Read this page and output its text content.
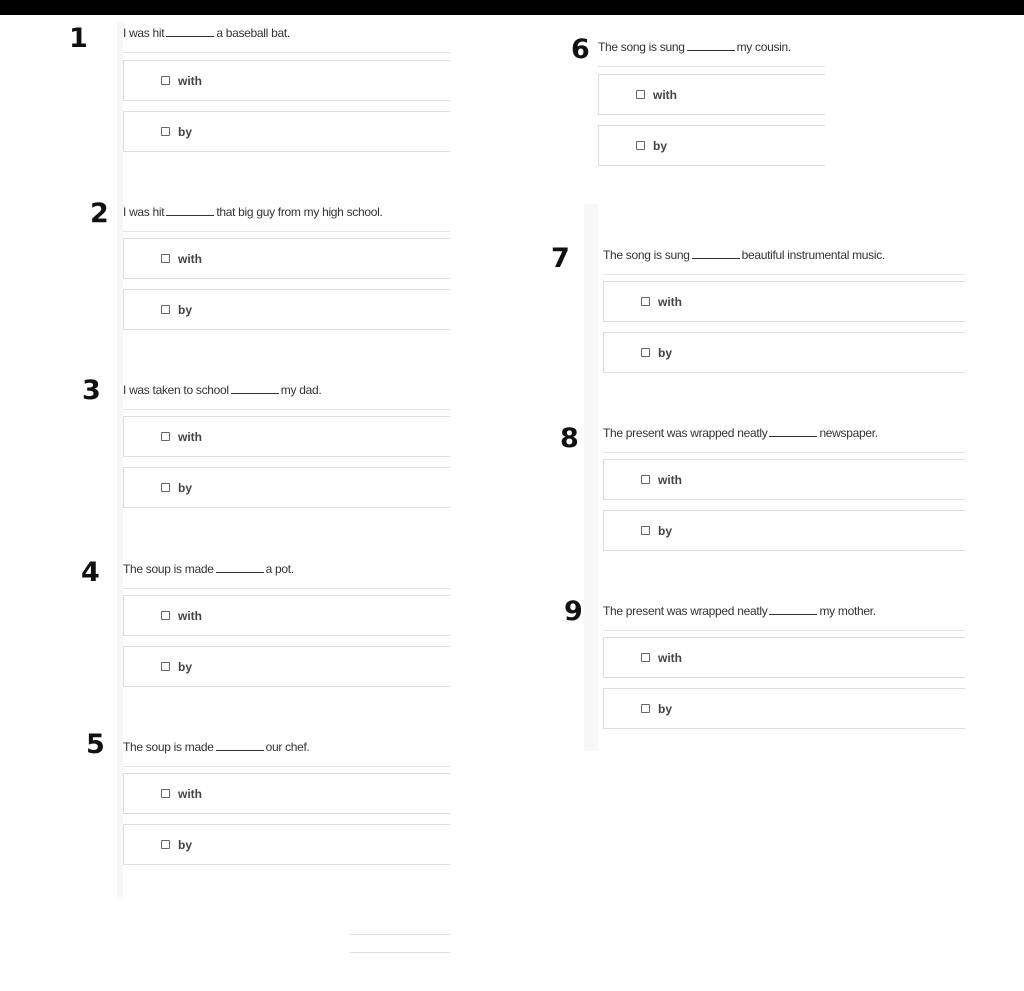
1	I was hit	a baseball bat.
with
by
2 I was hit	that big guy from my high school.
with
by
3 I was taken to school	my dad.
with
by
4 The soup is made	a pot.
with
by
5 The soup is made	our chef.
with
by
6 The song is sung	my cousin.
with
by
7	The song is sung	beautiful instrumental music.
with
by
8 The present was wrapped neatly	newspaper.
with
by
9 The present was wrapped neatly	my mother.
with
by
